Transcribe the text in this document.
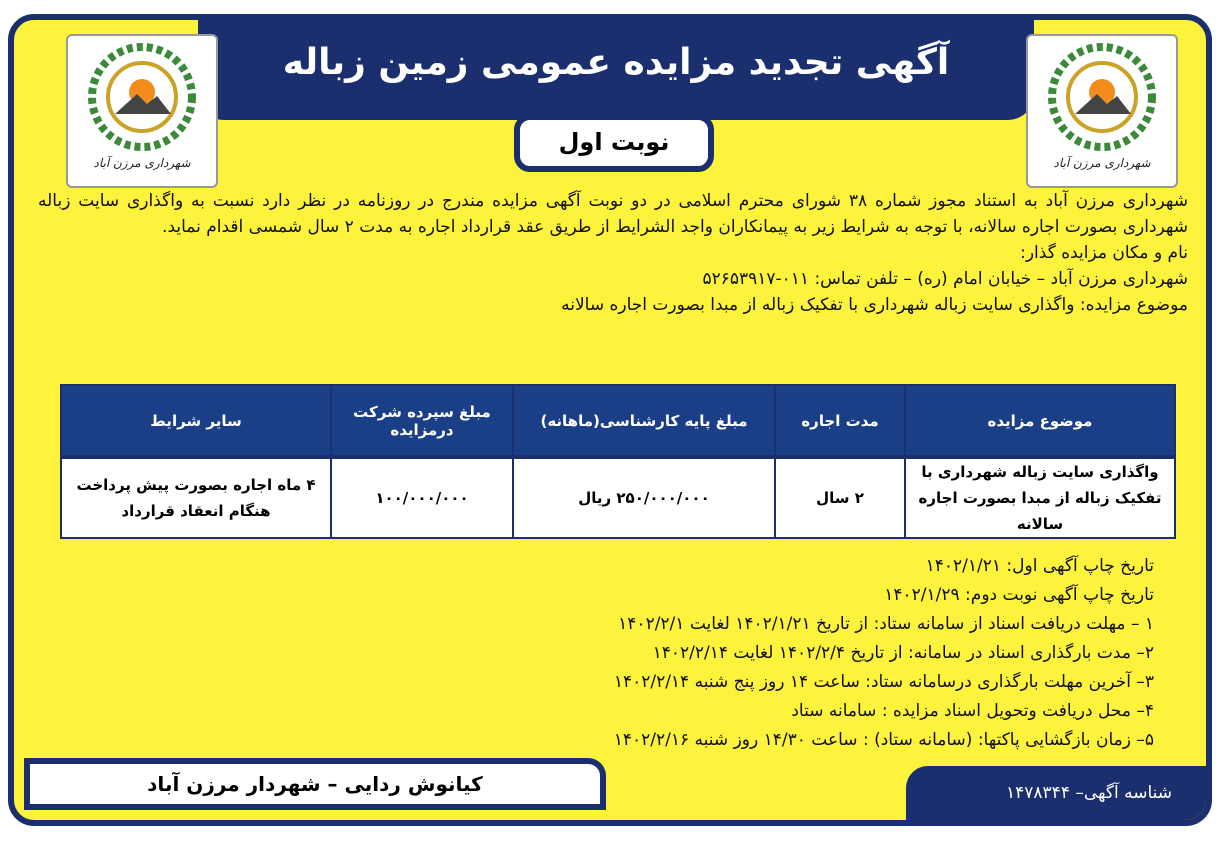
آگهی تجدید مزایده عمومی زمین زباله
نوبت اول
شهرداری مرزن آباد
شهرداری مرزن آباد

شهرداری مرزن آباد به استناد مجوز شماره ۳۸ شورای محترم اسلامی در دو نوبت آگهی مزایده مندرج در روزنامه در نظر دارد نسبت به واگذاری سایت زباله شهرداری بصورت اجاره سالانه، با توجه به شرایط زیر به پیمانکاران واجد الشرایط از طریق عقد قرارداد اجاره به مدت ۲ سال شمسی اقدام نماید.

نام و مکان مزایده گذار:

شهرداری مرزن آباد – خیابان امام (ره) – تلفن تماس: ۰۱۱-۵۲۶۵۳۹۱۷

موضوع مزایده: واگذاری سایت زباله شهرداری با تفکیک زباله از مبدا بصورت اجاره سالانه

موضوع مزایده	مدت اجاره	مبلغ پایه کارشناسی(ماهانه)	مبلغ سپرده شرکت درمزایده	سایر شرایط
واگذاری سایت زباله شهرداری با تفکیک زباله از مبدا بصورت اجاره سالانه	۲ سال	۲۵۰/۰۰۰/۰۰۰ ریال	۱۰۰/۰۰۰/۰۰۰	۴ ماه اجاره بصورت پیش پرداخت هنگام انعقاد قرارداد
تاریخ چاپ آگهی اول: ۱۴۰۲/۱/۲۱
تاریخ چاپ آگهی نوبت دوم: ۱۴۰۲/۱/۲۹
۱ – مهلت دریافت اسناد از سامانه ستاد: از تاریخ ۱۴۰۲/۱/۲۱ لغایت ۱۴۰۲/۲/۱
۲– مدت بارگذاری اسناد در سامانه: از تاریخ ۱۴۰۲/۲/۴ لغایت ۱۴۰۲/۲/۱۴
۳– آخرین مهلت بارگذاری درسامانه ستاد: ساعت ۱۴ روز پنج شنبه ۱۴۰۲/۲/۱۴
۴– محل دریافت وتحویل اسناد مزایده : سامانه ستاد
۵– زمان بازگشایی پاکتها: (سامانه ستاد) : ساعت ۱۴/۳۰ روز شنبه ۱۴۰۲/۲/۱۶
کیانوش ردایی – شهردار مرزن آباد	شناسه آگهی– ۱۴۷۸۳۴۴
